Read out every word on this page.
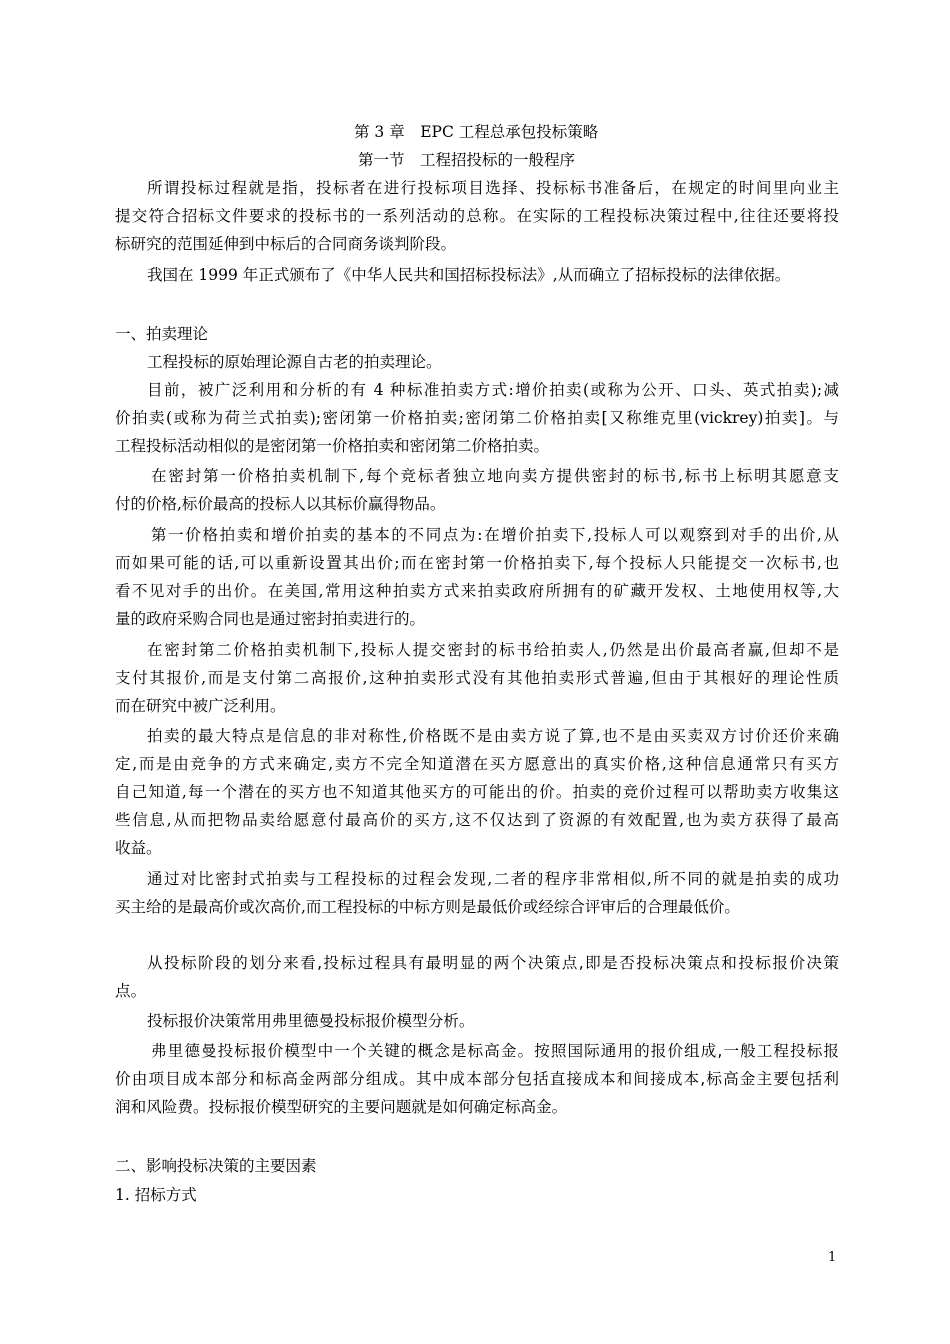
第 3 章　EPC 工程总承包投标策略
第一节　工程招投标的一般程序
所谓投标过程就是指，投标者在进行投标项目选择、投标标书准备后，在规定的时间里向业主
提交符合招标文件要求的投标书的一系列活动的总称。在实际的工程投标决策过程中,往往还要将投
标研究的范围延伸到中标后的合同商务谈判阶段。
我国在 1999 年正式颁布了《中华人民共和国招标投标法》,从而确立了招标投标的法律依据。
一、拍卖理论
工程投标的原始理论源自古老的拍卖理论。
目前，被广泛利用和分析的有 4 种标准拍卖方式:增价拍卖(或称为公开、口头、英式拍卖);减
价拍卖(或称为荷兰式拍卖);密闭第一价格拍卖;密闭第二价格拍卖[又称维克里(vickrey)拍卖]。与
工程投标活动相似的是密闭第一价格拍卖和密闭第二价格拍卖。
在密封第一价格拍卖机制下,每个竞标者独立地向卖方提供密封的标书,标书上标明其愿意支
付的价格,标价最高的投标人以其标价赢得物品。
第一价格拍卖和增价拍卖的基本的不同点为:在增价拍卖下,投标人可以观察到对手的出价,从
而如果可能的话,可以重新设置其出价;而在密封第一价格拍卖下,每个投标人只能提交一次标书,也
看不见对手的出价。在美国,常用这种拍卖方式来拍卖政府所拥有的矿藏开发权、土地使用权等,大
量的政府采购合同也是通过密封拍卖进行的。
在密封第二价格拍卖机制下,投标人提交密封的标书给拍卖人,仍然是出价最高者赢,但却不是
支付其报价,而是支付第二高报价,这种拍卖形式没有其他拍卖形式普遍,但由于其根好的理论性质
而在研究中被广泛利用。
拍卖的最大特点是信息的非对称性,价格既不是由卖方说了算,也不是由买卖双方讨价还价来确
定,而是由竞争的方式来确定,卖方不完全知道潜在买方愿意出的真实价格,这种信息通常只有买方
自己知道,每一个潜在的买方也不知道其他买方的可能出的价。拍卖的竞价过程可以帮助卖方收集这
些信息,从而把物品卖给愿意付最高价的买方,这不仅达到了资源的有效配置,也为卖方获得了最高
收益。
通过对比密封式拍卖与工程投标的过程会发现,二者的程序非常相似,所不同的就是拍卖的成功
买主给的是最高价或次高价,而工程投标的中标方则是最低价或经综合评审后的合理最低价。
从投标阶段的划分来看,投标过程具有最明显的两个决策点,即是否投标决策点和投标报价决策
点。
投标报价决策常用弗里德曼投标报价模型分析。
弗里德曼投标报价模型中一个关键的概念是标高金。按照国际通用的报价组成,一般工程投标报
价由项目成本部分和标高金两部分组成。其中成本部分包括直接成本和间接成本,标高金主要包括利
润和风险费。投标报价模型研究的主要问题就是如何确定标高金。
二、影响投标决策的主要因素
1. 招标方式
1
